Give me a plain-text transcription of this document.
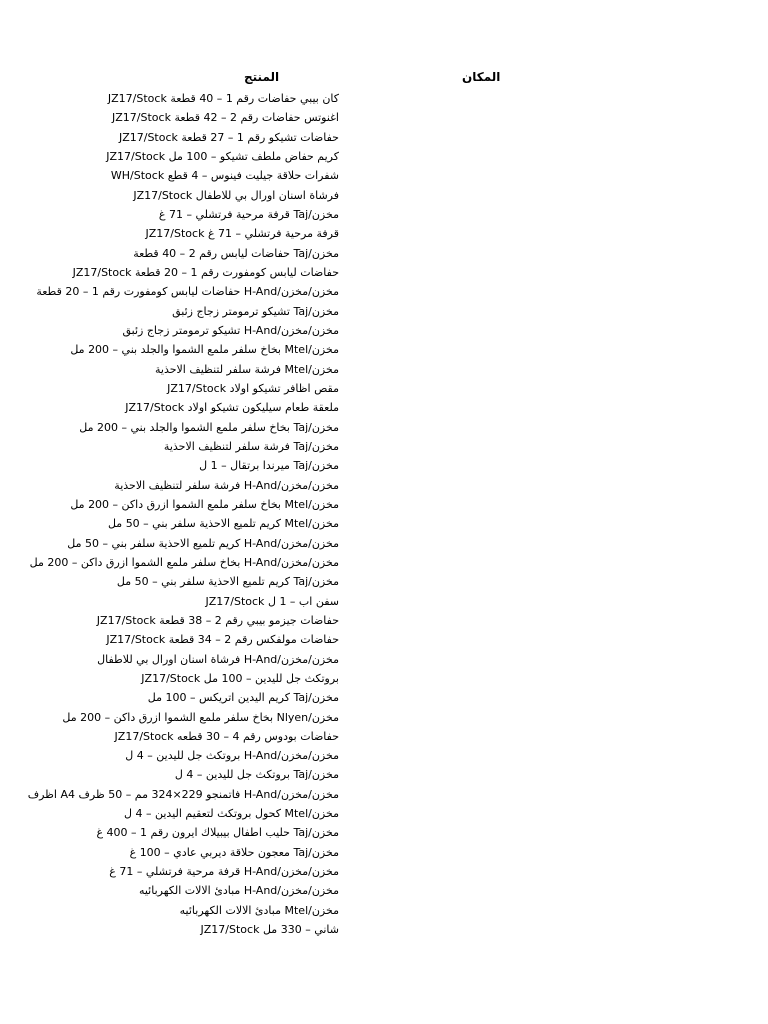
المكان
المنتج
JZ17/Stock كان بيبي حفاضات رقم 1 – 40 قطعة
JZ17/Stock اغنوتس حفاضات رقم 2 – 42 قطعة
JZ17/Stock حفاضات تشيكو رقم 1 – 27 قطعة
JZ17/Stock كريم حفاض ملطف تشيكو – 100 مل
WH/Stock شفرات حلاقة جيليت فينوس – 4 قطع
JZ17/Stock فرشاة اسنان اورال بي للاطفال
مخزن/Taj قرفة مرحية فرتشلي – 71 غ
JZ17/Stock قرفة مرحية فرتشلي – 71 غ
مخزن/Taj حفاضات ليابس رقم 2 – 40 قطعة
JZ17/Stock حفاضات ليابس كومفورت رقم 1 – 20 قطعة
مخزن/مخزن/H-And حفاضات ليابس كومفورت رقم 1 – 20 قطعة
مخزن/Taj تشيكو ترمومتر زجاج زئبق
مخزن/مخزن/H-And تشيكو ترمومتر زجاج زئبق
مخزن/Mtel بخاخ سلفر ملمع الشموا والجلد بني – 200 مل
مخزن/Mtel فرشة سلفر لتنظيف الاحذية
JZ17/Stock مقص اظافر تشيكو اولاد
JZ17/Stock ملعقة طعام سيليكون تشيكو اولاد
مخزن/Taj بخاخ سلفر ملمع الشموا والجلد بني – 200 مل
مخزن/Taj فرشة سلفر لتنظيف الاحذية
مخزن/Taj ميرندا برتقال – 1 ل
مخزن/مخزن/H-And فرشة سلفر لتنظيف الاحذية
مخزن/Mtel بخاخ سلفر ملمع الشموا ازرق داكن – 200 مل
مخزن/Mtel كريم تلميع الاحذية سلفر بني – 50 مل
مخزن/مخزن/H-And كريم تلميع الاحذية سلفر بني – 50 مل
مخزن/مخزن/H-And بخاخ سلفر ملمع الشموا ازرق داكن – 200 مل
مخزن/Taj كريم تلميع الاحذية سلفر بني – 50 مل
JZ17/Stock سفن اب – 1 ل
JZ17/Stock حفاضات جيزمو بيبي رقم 2 – 38 قطعة
JZ17/Stock حفاضات مولفكس رقم 2 – 34 قطعة
مخزن/مخزن/H-And فرشاة اسنان اورال بي للاطفال
JZ17/Stock بروتكث جل لليدين – 100 مل
مخزن/Taj كريم اليدين اتريكس – 100 مل
مخزن/Nlyen بخاخ سلفر ملمع الشموا ازرق داكن – 200 مل
JZ17/Stock حفاضات بودوس رقم 4 – 30 قطعه
مخزن/مخزن/H-And بروتكث جل لليدين – 4 ل
مخزن/Taj بروتكث جل لليدين – 4 ل
مخزن/مخزن/H-And فاتمنجو 229×324 مم – 50 ظرف A4 اظرف
مخزن/Mtel كحول بروتكث لتعقيم اليدين – 4 ل
مخزن/Taj حليب اطفال بيبيلاك ايرون رقم 1 – 400 غ
مخزن/Taj معجون حلاقة ديربي عادي – 100 غ
مخزن/مخزن/H-And قرفة مرحية فرتشلي – 71 غ
مخزن/مخزن/H-And مبادئ الالات الكهربائيه
مخزن/Mtel مبادئ الالات الكهربائيه
JZ17/Stock شاني – 330 مل
